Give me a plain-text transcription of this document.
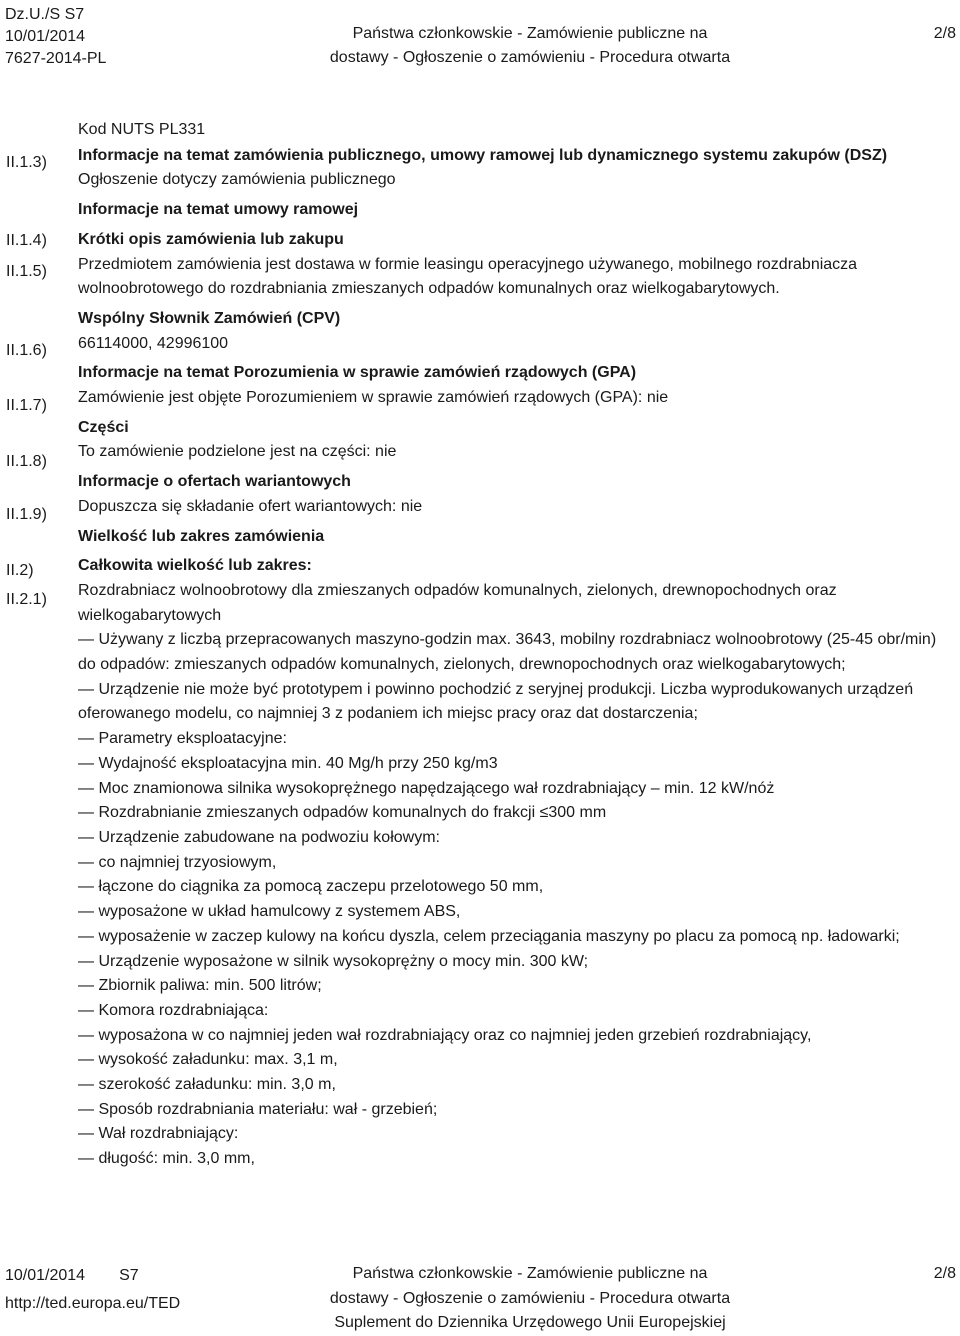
Dz.U./S S7
10/01/2014
7627-2014-PL
Państwa członkowskie - Zamówienie publiczne na
dostawy - Ogłoszenie o zamówieniu - Procedura otwarta
2/8
II.1.3)
II.1.4)
II.1.5)
II.1.6)
II.1.7)
II.1.8)
II.1.9)
II.2)
II.2.1)

Kod NUTS PL331

Informacje na temat zamówienia publicznego, umowy ramowej lub dynamicznego systemu zakupów (DSZ)

Ogłoszenie dotyczy zamówienia publicznego

Informacje na temat umowy ramowej

Krótki opis zamówienia lub zakupu

Przedmiotem zamówienia jest dostawa w formie leasingu operacyjnego używanego, mobilnego rozdrabniacza wolnoobrotowego do rozdrabniania zmieszanych odpadów komunalnych oraz wielkogabarytowych.

Wspólny Słownik Zamówień (CPV)

66114000, 42996100

Informacje na temat Porozumienia w sprawie zamówień rządowych (GPA)

Zamówienie jest objęte Porozumieniem w sprawie zamówień rządowych (GPA): nie

Części

To zamówienie podzielone jest na części: nie

Informacje o ofertach wariantowych

Dopuszcza się składanie ofert wariantowych: nie

Wielkość lub zakres zamówienia

Całkowita wielkość lub zakres:

Rozdrabniacz wolnoobrotowy dla zmieszanych odpadów komunalnych, zielonych, drewnopochodnych oraz wielkogabarytowych

— Używany z liczbą przepracowanych maszyno-godzin max. 3643, mobilny rozdrabniacz wolnoobrotowy (25-45 obr/min) do odpadów: zmieszanych odpadów komunalnych, zielonych, drewnopochodnych oraz wielkogabarytowych;

— Urządzenie nie może być prototypem i powinno pochodzić z seryjnej produkcji. Liczba wyprodukowanych urządzeń oferowanego modelu, co najmniej 3 z podaniem ich miejsc pracy oraz dat dostarczenia;

— Parametry eksploatacyjne:

— Wydajność eksploatacyjna min. 40 Mg/h przy 250 kg/m3

— Moc znamionowa silnika wysokoprężnego napędzającego wał rozdrabniający – min. 12 kW/nóż

— Rozdrabnianie zmieszanych odpadów komunalnych do frakcji ≤300 mm

— Urządzenie zabudowane na podwoziu kołowym:

— co najmniej trzyosiowym,

— łączone do ciągnika za pomocą zaczepu przelotowego 50 mm,

— wyposażone w układ hamulcowy z systemem ABS,

— wyposażenie w zaczep kulowy na końcu dyszla, celem przeciągania maszyny po placu za pomocą np. ładowarki;

— Urządzenie wyposażone w silnik wysokoprężny o mocy min. 300 kW;

— Zbiornik paliwa: min. 500 litrów;

— Komora rozdrabniająca:

— wyposażona w co najmniej jeden wał rozdrabniający oraz co najmniej jeden grzebień rozdrabniający,

— wysokość załadunku: max. 3,1 m,

— szerokość załadunku: min. 3,0 m,

— Sposób rozdrabniania materiału: wał - grzebień;

— Wał rozdrabniający:

— długość: min. 3,0 mm,

10/01/2014 S7
http://ted.europa.eu/TED
Państwa członkowskie - Zamówienie publiczne na
dostawy - Ogłoszenie o zamówieniu - Procedura otwarta
Suplement do Dziennika Urzędowego Unii Europejskiej
2/8
